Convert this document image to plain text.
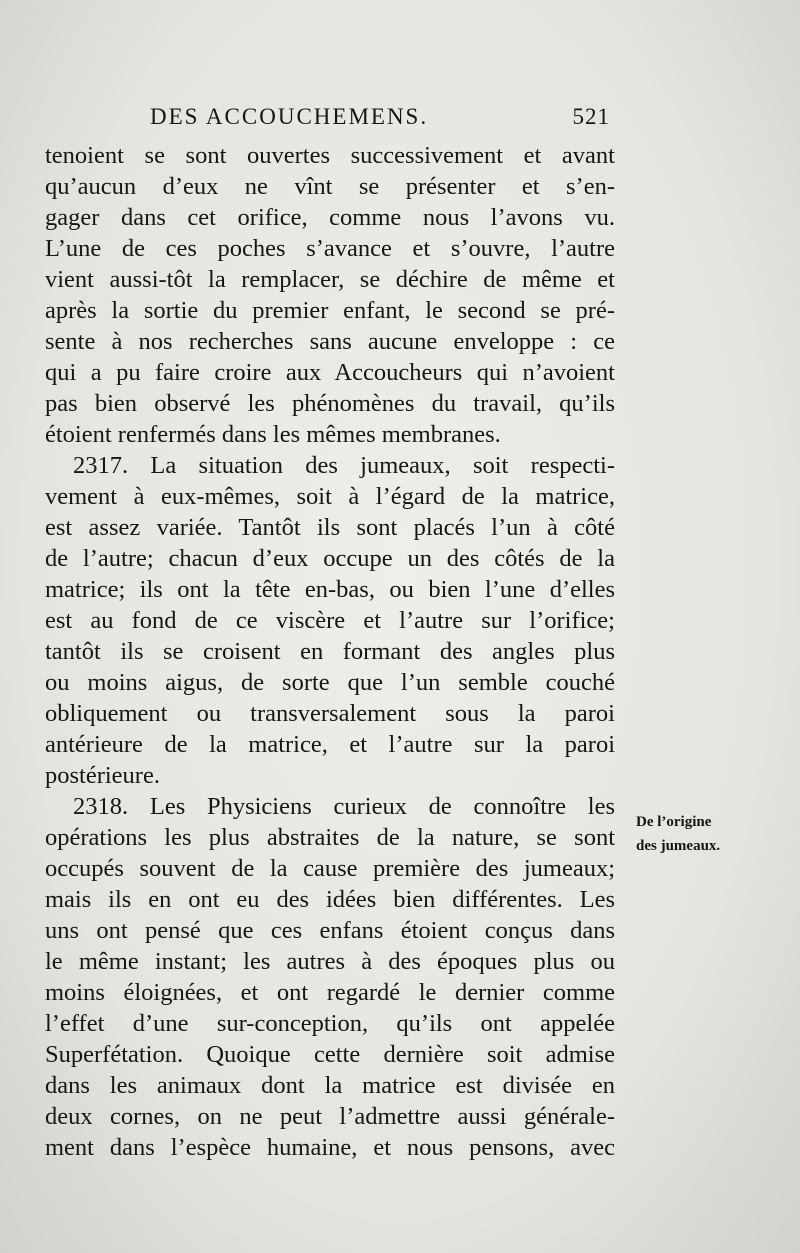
DES ACCOUCHEMENS.	521
tenoient se sont ouvertes successivement et avant
qu’aucun d’eux ne vînt se présenter et s’en-
gager dans cet orifice, comme nous l’avons vu.
L’une de ces poches s’avance et s’ouvre, l’autre
vient aussi-tôt la remplacer, se déchire de même et
après la sortie du premier enfant, le second se pré-
sente à nos recherches sans aucune enveloppe : ce
qui a pu faire croire aux Accoucheurs qui n’avoient
pas bien observé les phénomènes du travail, qu’ils
étoient renfermés dans les mêmes membranes.
2317. La situation des jumeaux, soit respecti-
vement à eux-mêmes, soit à l’égard de la matrice,
est assez variée. Tantôt ils sont placés l’un à côté
de l’autre; chacun d’eux occupe un des côtés de la
matrice; ils ont la tête en-bas, ou bien l’une d’elles
est au fond de ce viscère et l’autre sur l’orifice;
tantôt ils se croisent en formant des angles plus
ou moins aigus, de sorte que l’un semble couché
obliquement ou transversalement sous la paroi
antérieure de la matrice, et l’autre sur la paroi
postérieure.
2318. Les Physiciens curieux de connoître les
opérations les plus abstraites de la nature, se sont
occupés souvent de la cause première des jumeaux;
mais ils en ont eu des idées bien différentes. Les
uns ont pensé que ces enfans étoient conçus dans
le même instant; les autres à des époques plus ou
moins éloignées, et ont regardé le dernier comme
l’effet d’une sur-conception, qu’ils ont appelée
Superfétation. Quoique cette dernière soit admise
dans les animaux dont la matrice est divisée en
deux cornes, on ne peut l’admettre aussi générale-
ment dans l’espèce humaine, et nous pensons, avec
De l’origine
des jumeaux.
